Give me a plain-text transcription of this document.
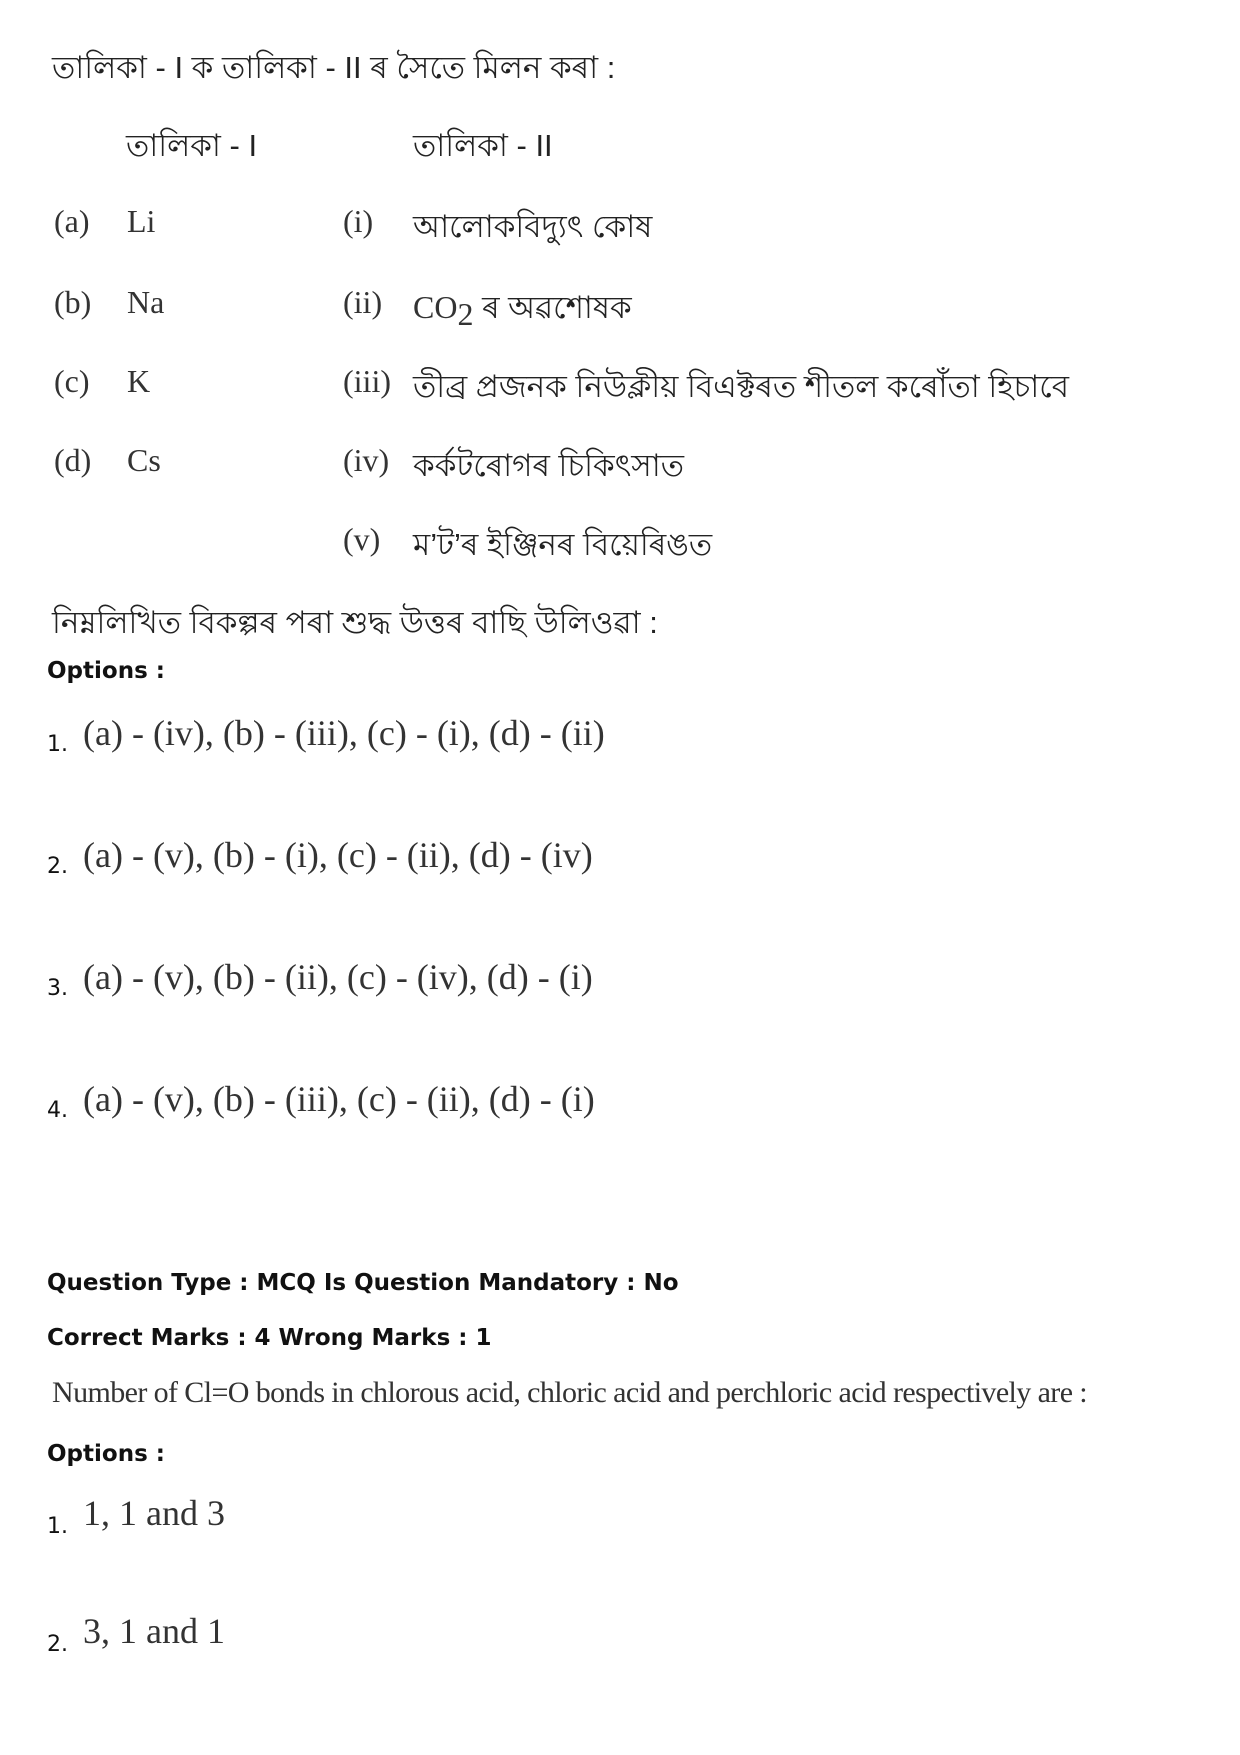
তালিকা - I ক তালিকা - II ৰ সৈতে মিলন কৰা :
তালিকা - I	তালিকা - II
(a) Li
(b) Na
(c) K
(d) Cs
(i) আলোকবিদ্যুৎ কোষ
(ii) $CO_2$ ৰ অৱশোষক
(iii) তীব্ৰ প্ৰজনক নিউক্লীয় বিএক্টৰত শীতল কৰোঁতা হিচাবে
(iv) কৰ্কটৰোগৰ চিকিৎসাত
(v) ম’ট’ৰ ইঞ্জিনৰ বিয়েৰিঙত
নিম্নলিখিত বিকল্পৰ পৰা শুদ্ধ উত্তৰ বাছি উলিওৱা :
Options :
1. (a) - (iv), (b) - (iii), (c) - (i), (d) - (ii)
2. (a) - (v), (b) - (i), (c) - (ii), (d) - (iv)
3. (a) - (v), (b) - (ii), (c) - (iv), (d) - (i)
4. (a) - (v), (b) - (iii), (c) - (ii), (d) - (i)
Question Type : MCQ Is Question Mandatory : No
Correct Marks : 4 Wrong Marks : 1
Number of Cl=O bonds in chlorous acid, chloric acid and perchloric acid respectively are :
Options :
1. 1, 1 and 3
2. 3, 1 and 1
